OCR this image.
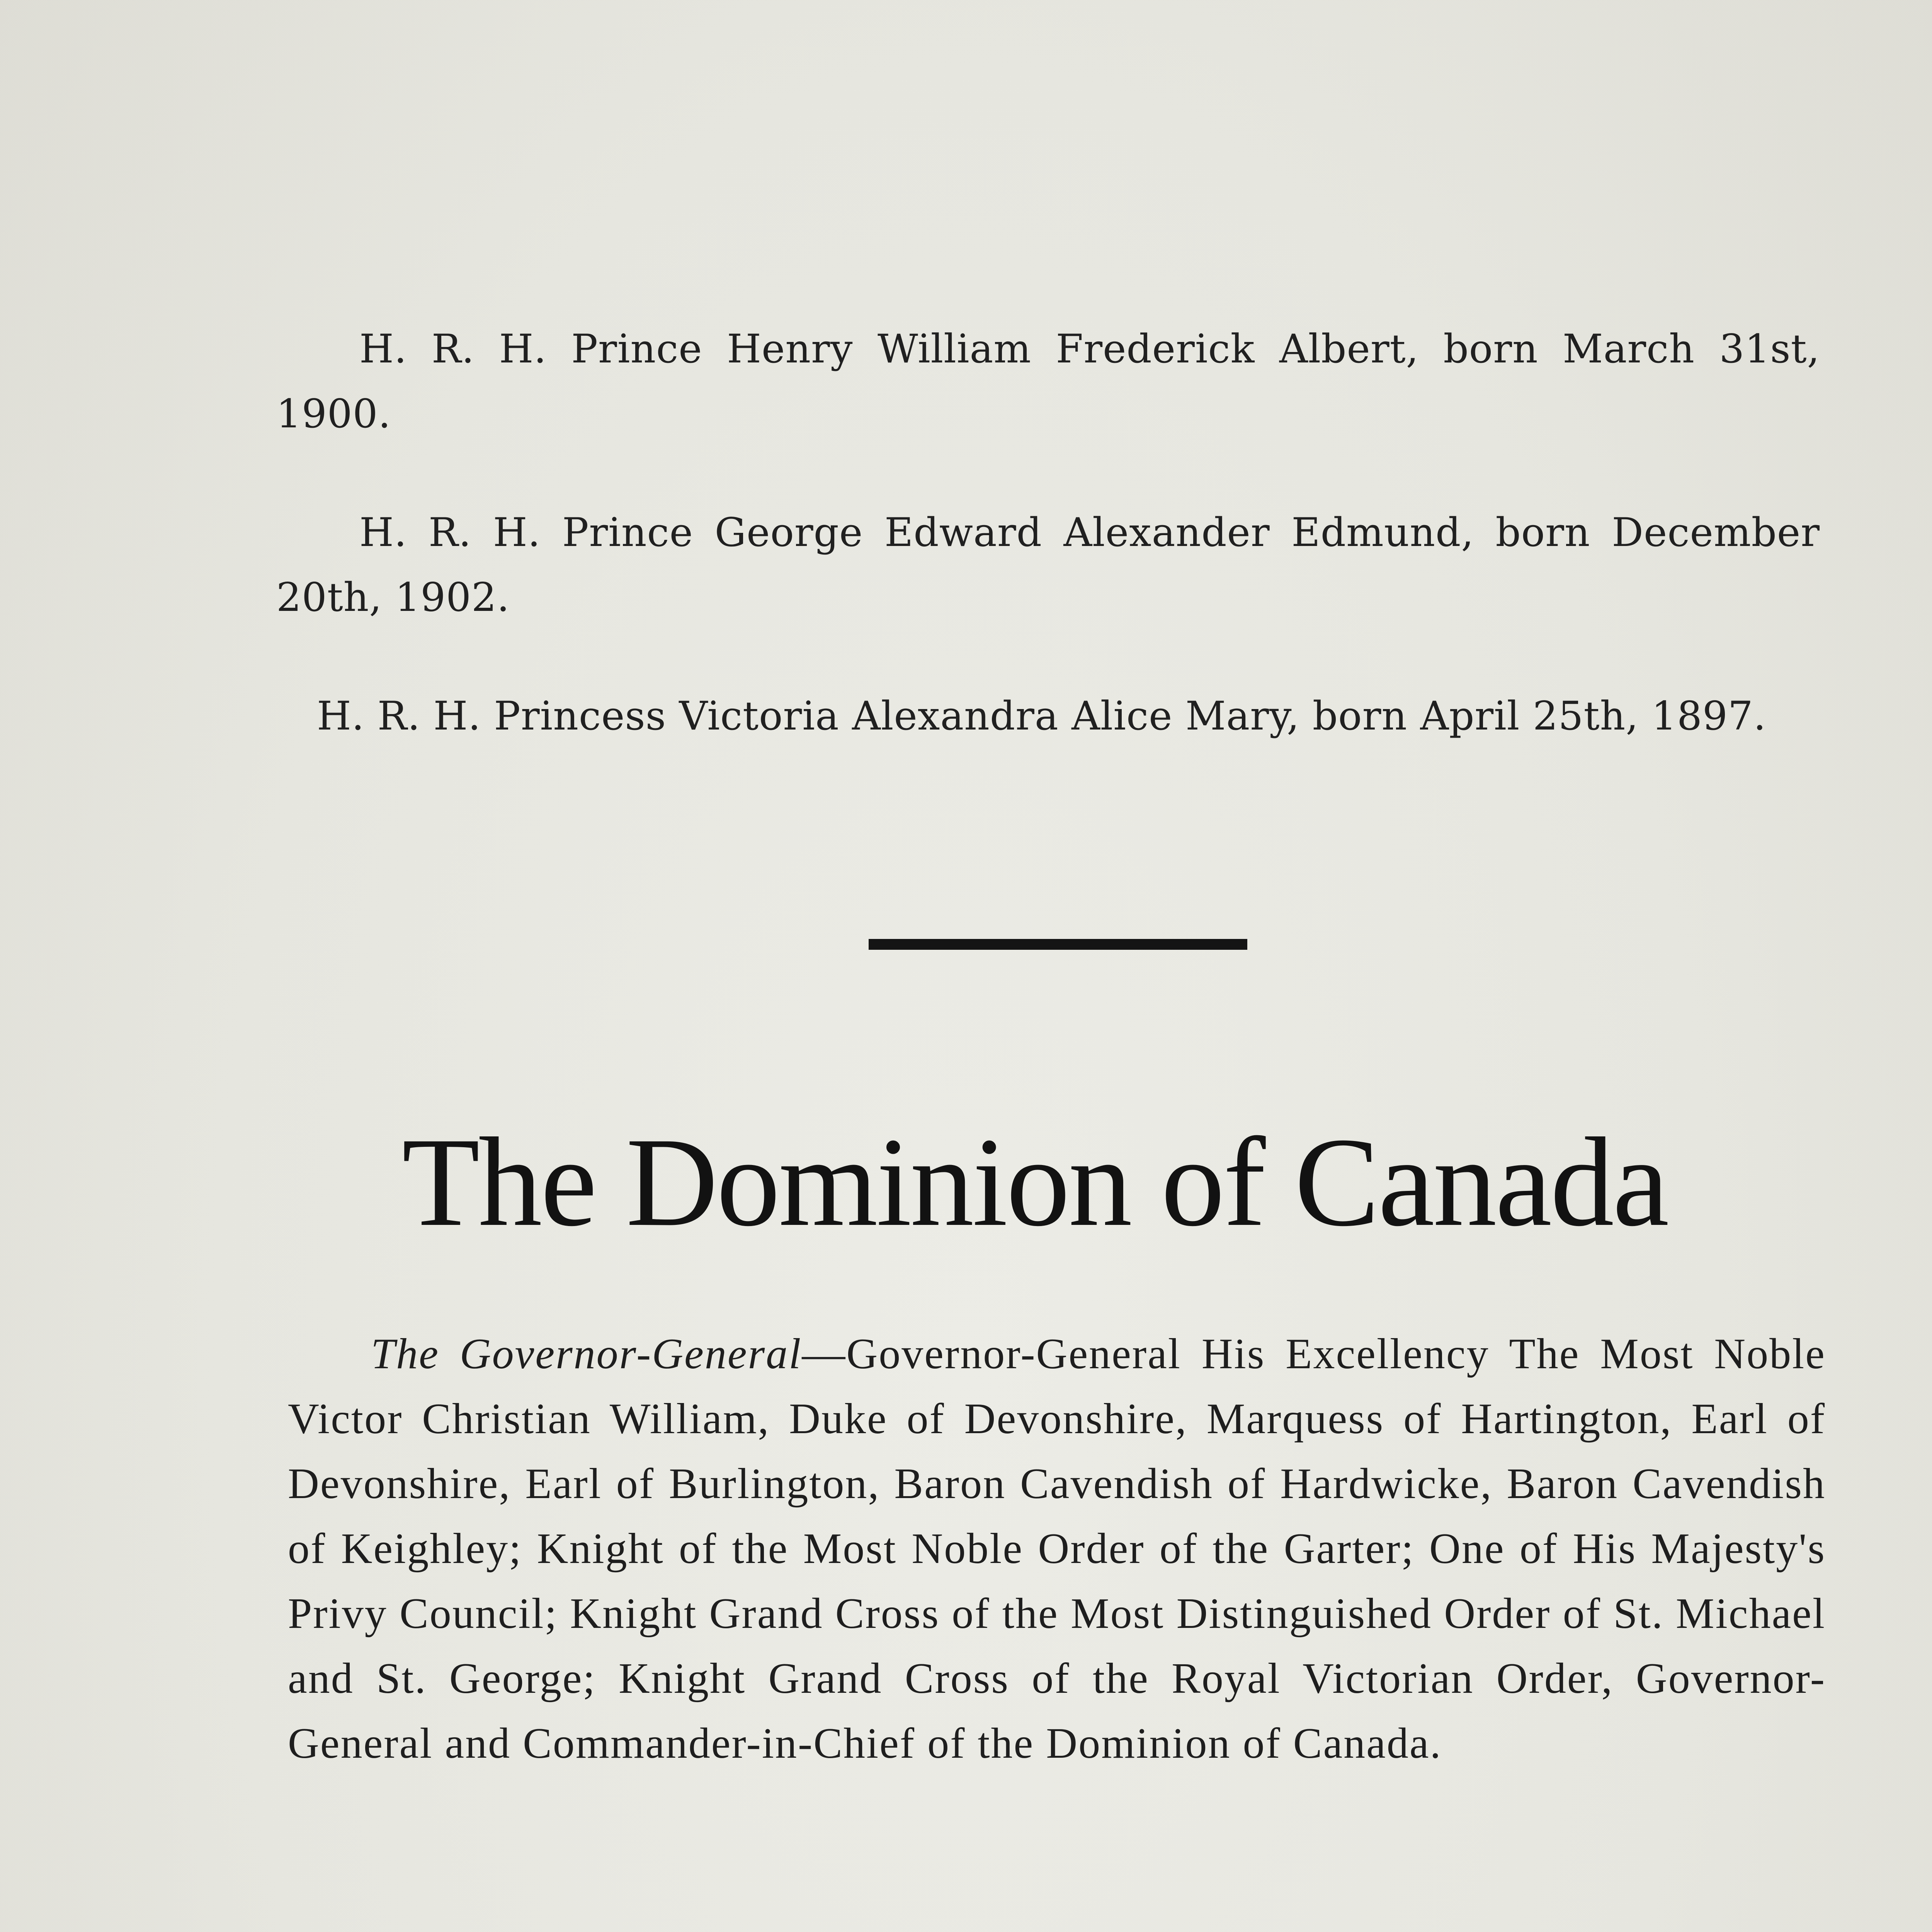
H. R. H. Prince Henry William Frederick Albert, born March 31st, 1900.

H. R. H. Prince George Edward Alexander Edmund, born December 20th, 1902.

H. R. H. Princess Victoria Alexandra Alice Mary, born April 25th, 1897.

The Dominion of Canada

The Governor-General—Governor-General His Excellency The Most Noble Victor Christian William, Duke of Devonshire, Marquess of Hartington, Earl of Devonshire, Earl of Burlington, Baron Cavendish of Hardwicke, Baron Cavendish of Keighley; Knight of the Most Noble Order of the Garter; One of His Majesty's Privy Council; Knight Grand Cross of the Most Distinguished Order of St. Michael and St. George; Knight Grand Cross of the Royal Victorian Order, Governor-General and Commander-in-Chief of the Dominion of Canada.
